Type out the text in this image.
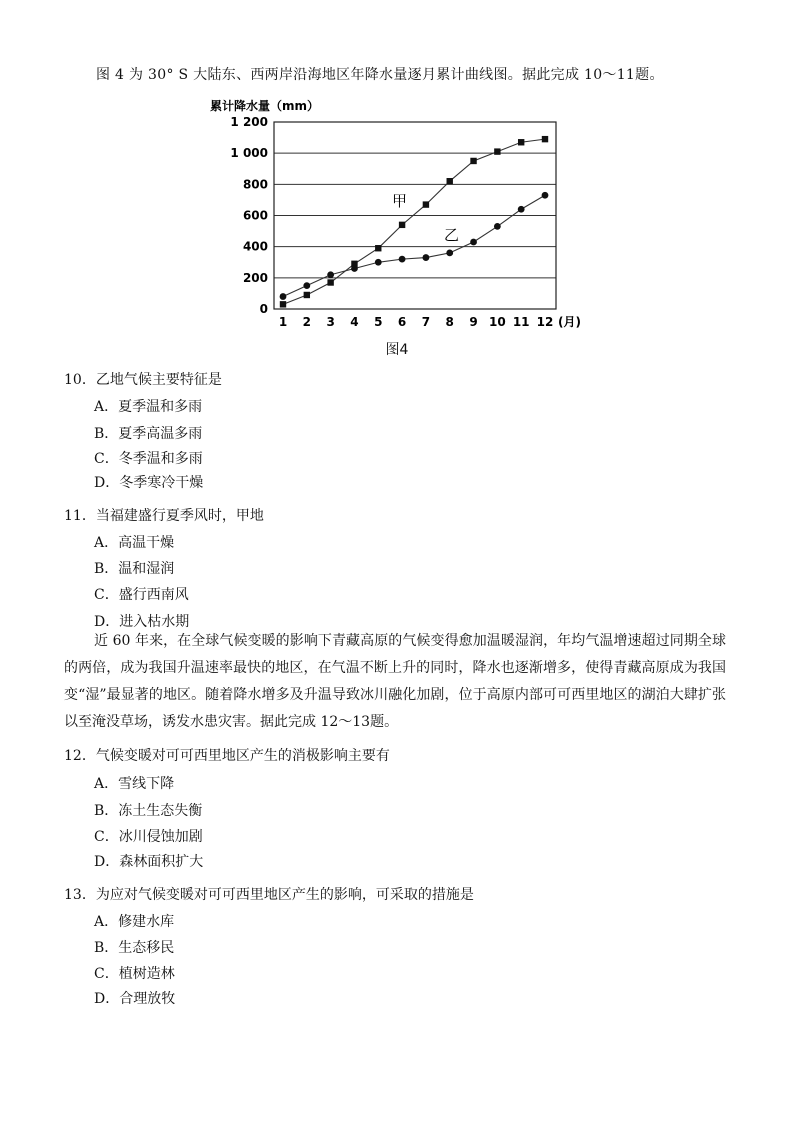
图 4 为 30° S 大陆东、西两岸沿海地区年降水量逐月累计曲线图。据此完成 10～11题。
0
200
400
600
800
1 000
1 200
1 2 3 4 5 6 7 8 9 10 11 12
累计降水量（mm）
(月)
甲
乙
图4
10．乙地气候主要特征是
A．夏季温和多雨
B．夏季高温多雨
C．冬季温和多雨
D．冬季寒冷干燥
11．当福建盛行夏季风时，甲地
A．高温干燥
B．温和湿润
C．盛行西南风
D．进入枯水期
近 60 年来，在全球气候变暖的影响下青藏高原的气候变得愈加温暖湿润，年均气温增速超过同期全球的两倍，成为我国升温速率最快的地区，在气温不断上升的同时，降水也逐渐增多，使得青藏高原成为我国变“湿”最显著的地区。随着降水增多及升温导致冰川融化加剧，位于高原内部可可西里地区的湖泊大肆扩张以至淹没草场，诱发水患灾害。据此完成 12～13题。
12．气候变暖对可可西里地区产生的消极影响主要有
A．雪线下降
B．冻土生态失衡
C．冰川侵蚀加剧
D．森林面积扩大
13．为应对气候变暖对可可西里地区产生的影响，可采取的措施是
A．修建水库
B．生态移民
C．植树造林
D．合理放牧
